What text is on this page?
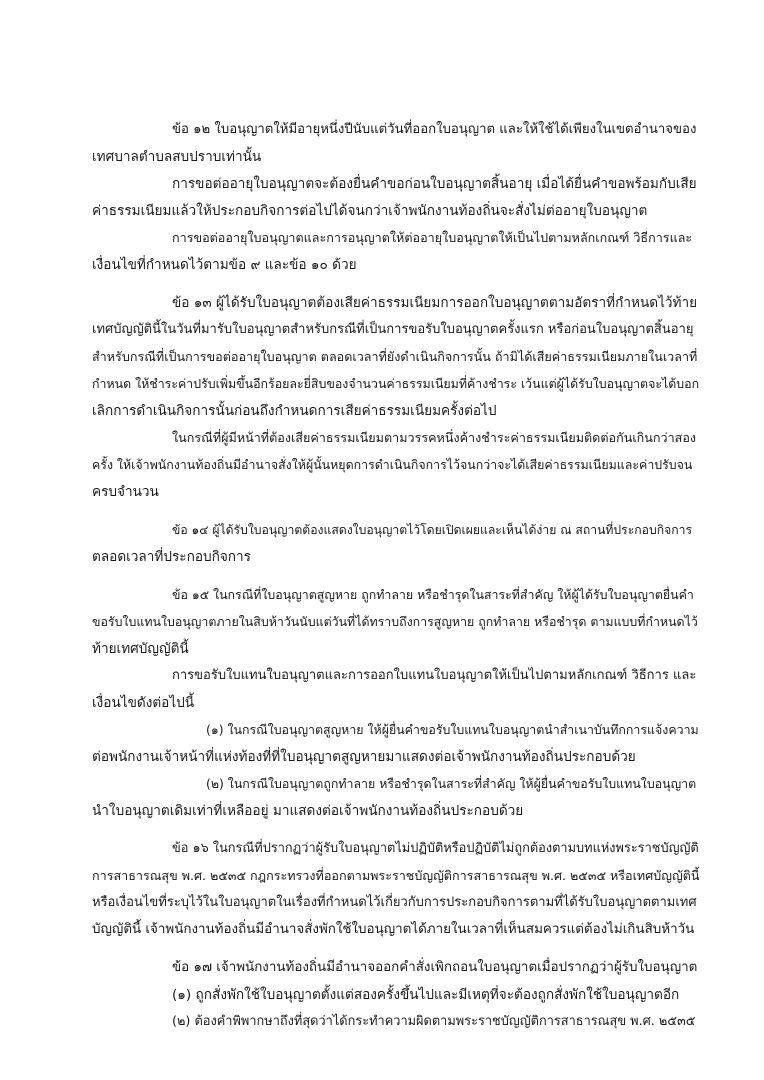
ข้อ ๑๒ ใบอนุญาตให้มีอายุหนึ่งปีนับแต่วันที่ออกใบอนุญาต และให้ใช้ได้เพียงในเขตอำนาจของ
เทศบาลตำบลสบปราบเท่านั้น
การขอต่ออายุใบอนุญาตจะต้องยื่นคำขอก่อนใบอนุญาตสิ้นอายุ เมื่อได้ยื่นคำขอพร้อมกับเสีย
ค่าธรรมเนียมแล้วให้ประกอบกิจการต่อไปได้จนกว่าเจ้าพนักงานท้องถิ่นจะสั่งไม่ต่ออายุใบอนุญาต
การขอต่ออายุใบอนุญาตและการอนุญาตให้ต่ออายุใบอนุญาตให้เป็นไปตามหลักเกณฑ์ วิธีการและ
เงื่อนไขที่กำหนดไว้ตามข้อ ๙ และข้อ ๑๐ ด้วย
ข้อ ๑๓ ผู้ได้รับใบอนุญาตต้องเสียค่าธรรมเนียมการออกใบอนุญาตตามอัตราที่กำหนดไว้ท้าย
เทศบัญญัตินี้ในวันที่มารับใบอนุญาตสำหรับกรณีที่เป็นการขอรับใบอนุญาตครั้งแรก หรือก่อนใบอนุญาตสิ้นอายุ
สำหรับกรณีที่เป็นการขอต่ออายุใบอนุญาต ตลอดเวลาที่ยังดำเนินกิจการนั้น ถ้ามิได้เสียค่าธรรมเนียมภายในเวลาที่
กำหนด ให้ชำระค่าปรับเพิ่มขึ้นอีกร้อยละยี่สิบของจำนวนค่าธรรมเนียมที่ค้างชำระ เว้นแต่ผู้ได้รับใบอนุญาตจะได้บอก
เลิกการดำเนินกิจการนั้นก่อนถึงกำหนดการเสียค่าธรรมเนียมครั้งต่อไป
ในกรณีที่ผู้มีหน้าที่ต้องเสียค่าธรรมเนียมตามวรรคหนึ่งค้างชำระค่าธรรมเนียมติดต่อกันเกินกว่าสอง
ครั้ง ให้เจ้าพนักงานท้องถิ่นมีอำนาจสั่งให้ผู้นั้นหยุดการดำเนินกิจการไว้จนกว่าจะได้เสียค่าธรรมเนียมและค่าปรับจน
ครบจำนวน
ข้อ ๑๔ ผู้ได้รับใบอนุญาตต้องแสดงใบอนุญาตไว้โดยเปิดเผยและเห็นได้ง่าย ณ สถานที่ประกอบกิจการ
ตลอดเวลาที่ประกอบกิจการ
ข้อ ๑๕ ในกรณีที่ใบอนุญาตสูญหาย ถูกทำลาย หรือชำรุดในสาระที่สำคัญ ให้ผู้ได้รับใบอนุญาตยื่นคำ
ขอรับใบแทนใบอนุญาตภายในสิบห้าวันนับแต่วันที่ได้ทราบถึงการสูญหาย ถูกทำลาย หรือชำรุด ตามแบบที่กำหนดไว้
ท้ายเทศบัญญัตินี้
การขอรับใบแทนใบอนุญาตและการออกใบแทนใบอนุญาตให้เป็นไปตามหลักเกณฑ์ วิธีการ และ
เงื่อนไขดังต่อไปนี้
(๑) ในกรณีใบอนุญาตสูญหาย ให้ผู้ยื่นคำขอรับใบแทนใบอนุญาตนำสำเนาบันทึกการแจ้งความ
ต่อพนักงานเจ้าหน้าที่แห่งท้องที่ที่ใบอนุญาตสูญหายมาแสดงต่อเจ้าพนักงานท้องถิ่นประกอบด้วย
(๒) ในกรณีใบอนุญาตถูกทำลาย หรือชำรุดในสาระที่สำคัญ ให้ผู้ยื่นคำขอรับใบแทนใบอนุญาต
นำใบอนุญาตเดิมเท่าที่เหลืออยู่ มาแสดงต่อเจ้าพนักงานท้องถิ่นประกอบด้วย
ข้อ ๑๖ ในกรณีที่ปรากฏว่าผู้รับใบอนุญาตไม่ปฏิบัติหรือปฏิบัติไม่ถูกต้องตามบทแห่งพระราชบัญญัติ
การสาธารณสุข พ.ศ. ๒๕๓๕ กฎกระทรวงที่ออกตามพระราชบัญญัติการสาธารณสุข พ.ศ. ๒๕๓๕ หรือเทศบัญญัตินี้
หรือเงื่อนไขที่ระบุไว้ในใบอนุญาตในเรื่องที่กำหนดไว้เกี่ยวกับการประกอบกิจการตามที่ได้รับใบอนุญาตตามเทศ
บัญญัตินี้ เจ้าพนักงานท้องถิ่นมีอำนาจสั่งพักใช้ใบอนุญาตได้ภายในเวลาที่เห็นสมควรแต่ต้องไม่เกินสิบห้าวัน
ข้อ ๑๗ เจ้าพนักงานท้องถิ่นมีอำนาจออกคำสั่งเพิกถอนใบอนุญาตเมื่อปรากฏว่าผู้รับใบอนุญาต
(๑) ถูกสั่งพักใช้ใบอนุญาตตั้งแต่สองครั้งขึ้นไปและมีเหตุที่จะต้องถูกสั่งพักใช้ใบอนุญาตอีก
(๒) ต้องคำพิพากษาถึงที่สุดว่าได้กระทำความผิดตามพระราชบัญญัติการสาธารณสุข พ.ศ. ๒๕๓๕
